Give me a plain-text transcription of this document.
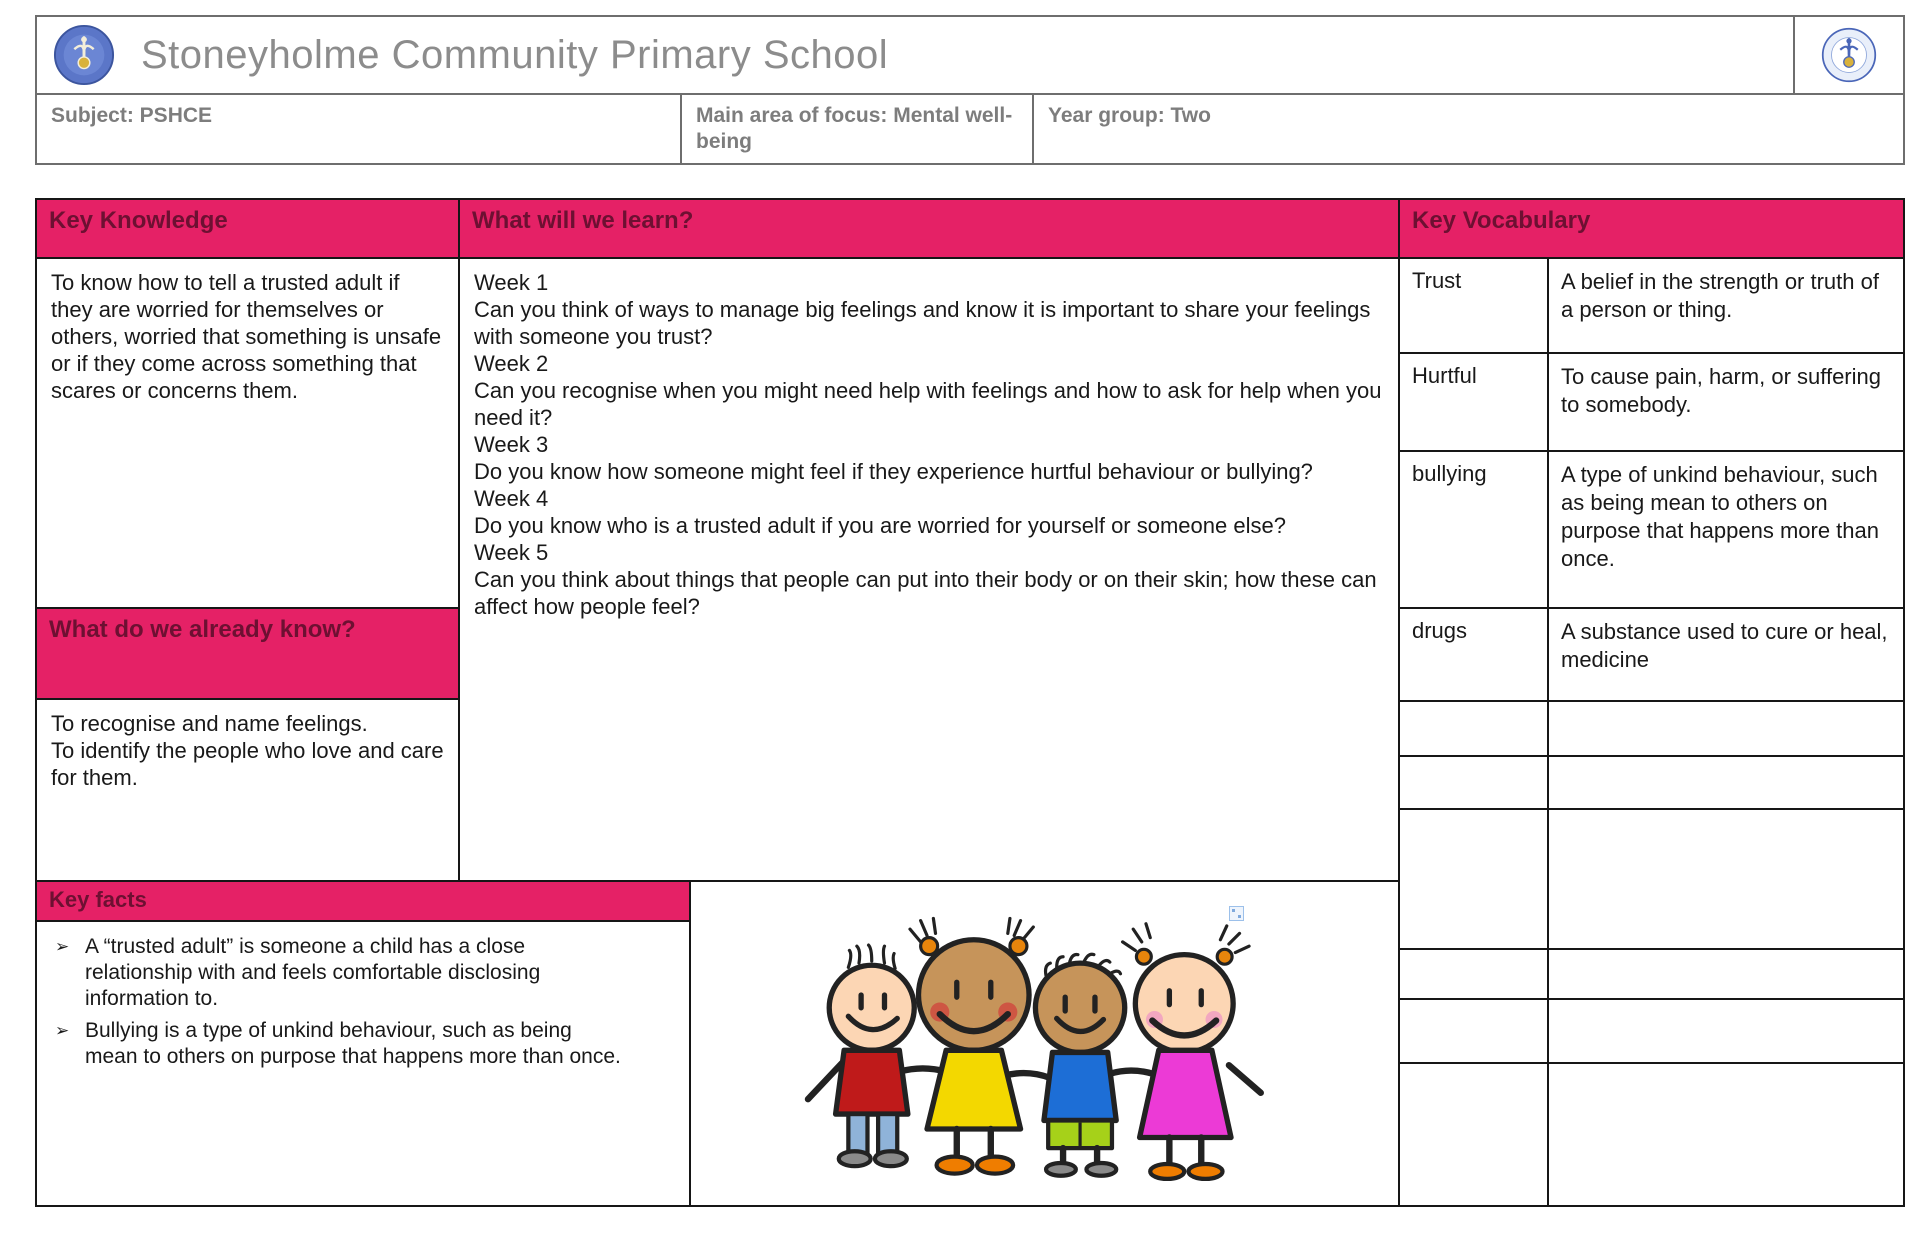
Stoneyholme Community Primary School
Subject: PSHCE	Main area of focus: Mental well-being
Year group: Two
Key Knowledge
To know how to tell a trusted adult if they are worried for themselves or others, worried that something is unsafe or if they come across something that scares or concerns them.
What do we already know?
To recognise and name feelings.
To identify the people who love and care for them.
Key facts
➢ A “trusted adult” is someone a child has a close relationship with and feels comfortable disclosing information to.
➢ Bullying is a type of unkind behaviour, such as being mean to others on purpose that happens more than once.
What will we learn?
Week 1
Can you think of ways to manage big feelings and know it is important to share your feelings with someone you trust?
Week 2
Can you recognise when you might need help with feelings and how to ask for help when you need it?
Week 3
Do you know how someone might feel if they experience hurtful behaviour or bullying?
Week 4
Do you know who is a trusted adult if you are worried for yourself or someone else?
Week 5
Can you think about things that people can put into their body or on their skin; how these can affect how people feel?
Key Vocabulary
Trust	A belief in the strength or truth of a person or thing.
Hurtful	To cause pain, harm, or suffering to somebody.
bullying	A type of unkind behaviour, such as being mean to others on purpose that happens more than once.
drugs	A substance used to cure or heal, medicine
